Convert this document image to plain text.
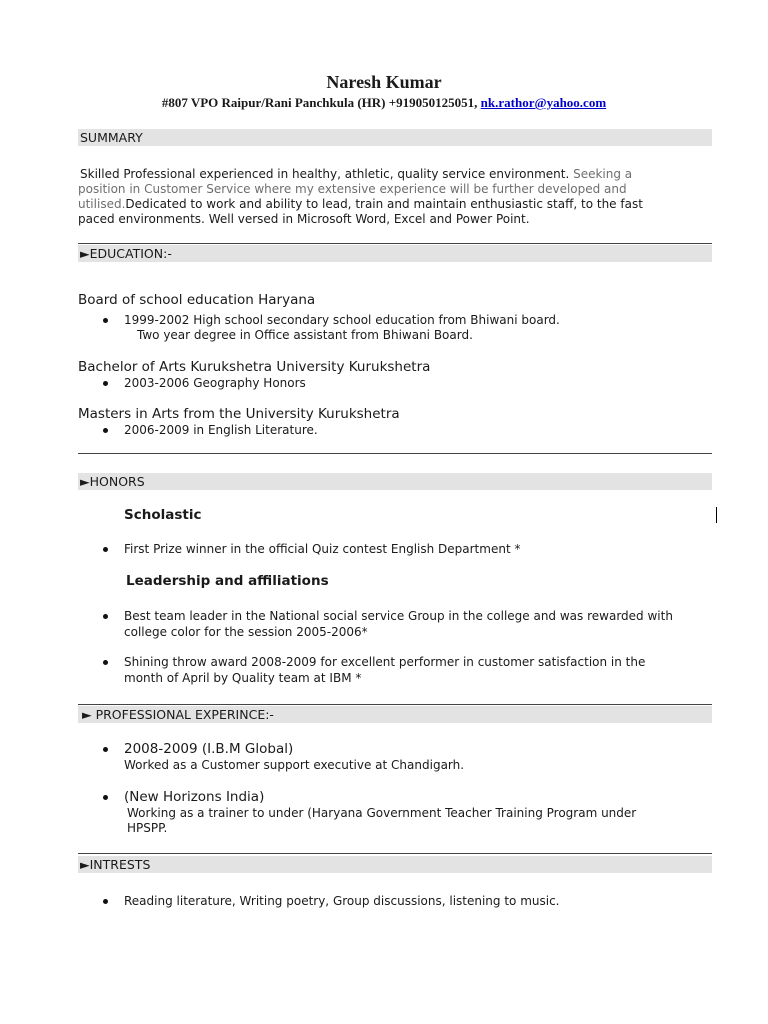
Naresh Kumar
#807 VPO Raipur/Rani Panchkula (HR) +919050125051, nk.rathor@yahoo.com
SUMMARY
Skilled Professional experienced in healthy, athletic, quality service environment. Seeking a
position in Customer Service where my extensive experience will be further developed and
utilised.Dedicated to work and ability to lead, train and maintain enthusiastic staff, to the fast
paced environments. Well versed in Microsoft Word, Excel and Power Point.
►EDUCATION:-
Board of school education Haryana
1999-2002 High school secondary school education from Bhiwani board.
Two year degree in Office assistant from Bhiwani Board.
Bachelor of Arts Kurukshetra University Kurukshetra
2003-2006 Geography Honors
Masters in Arts from the University Kurukshetra
2006-2009 in English Literature.
►HONORS
Scholastic
First Prize winner in the official Quiz contest English Department *
Leadership and affiliations
Best team leader in the National social service Group in the college and was rewarded with
college color for the session 2005-2006*
Shining throw award 2008-2009 for excellent performer in customer satisfaction in the
month of April by Quality team at IBM *
► PROFESSIONAL EXPERINCE:-
2008-2009 (I.B.M Global)
Worked as a Customer support executive at Chandigarh.
(New Horizons India)
Working as a trainer to under (Haryana Government Teacher Training Program under
HPSPP.
►INTRESTS
Reading literature, Writing poetry, Group discussions, listening to music.
